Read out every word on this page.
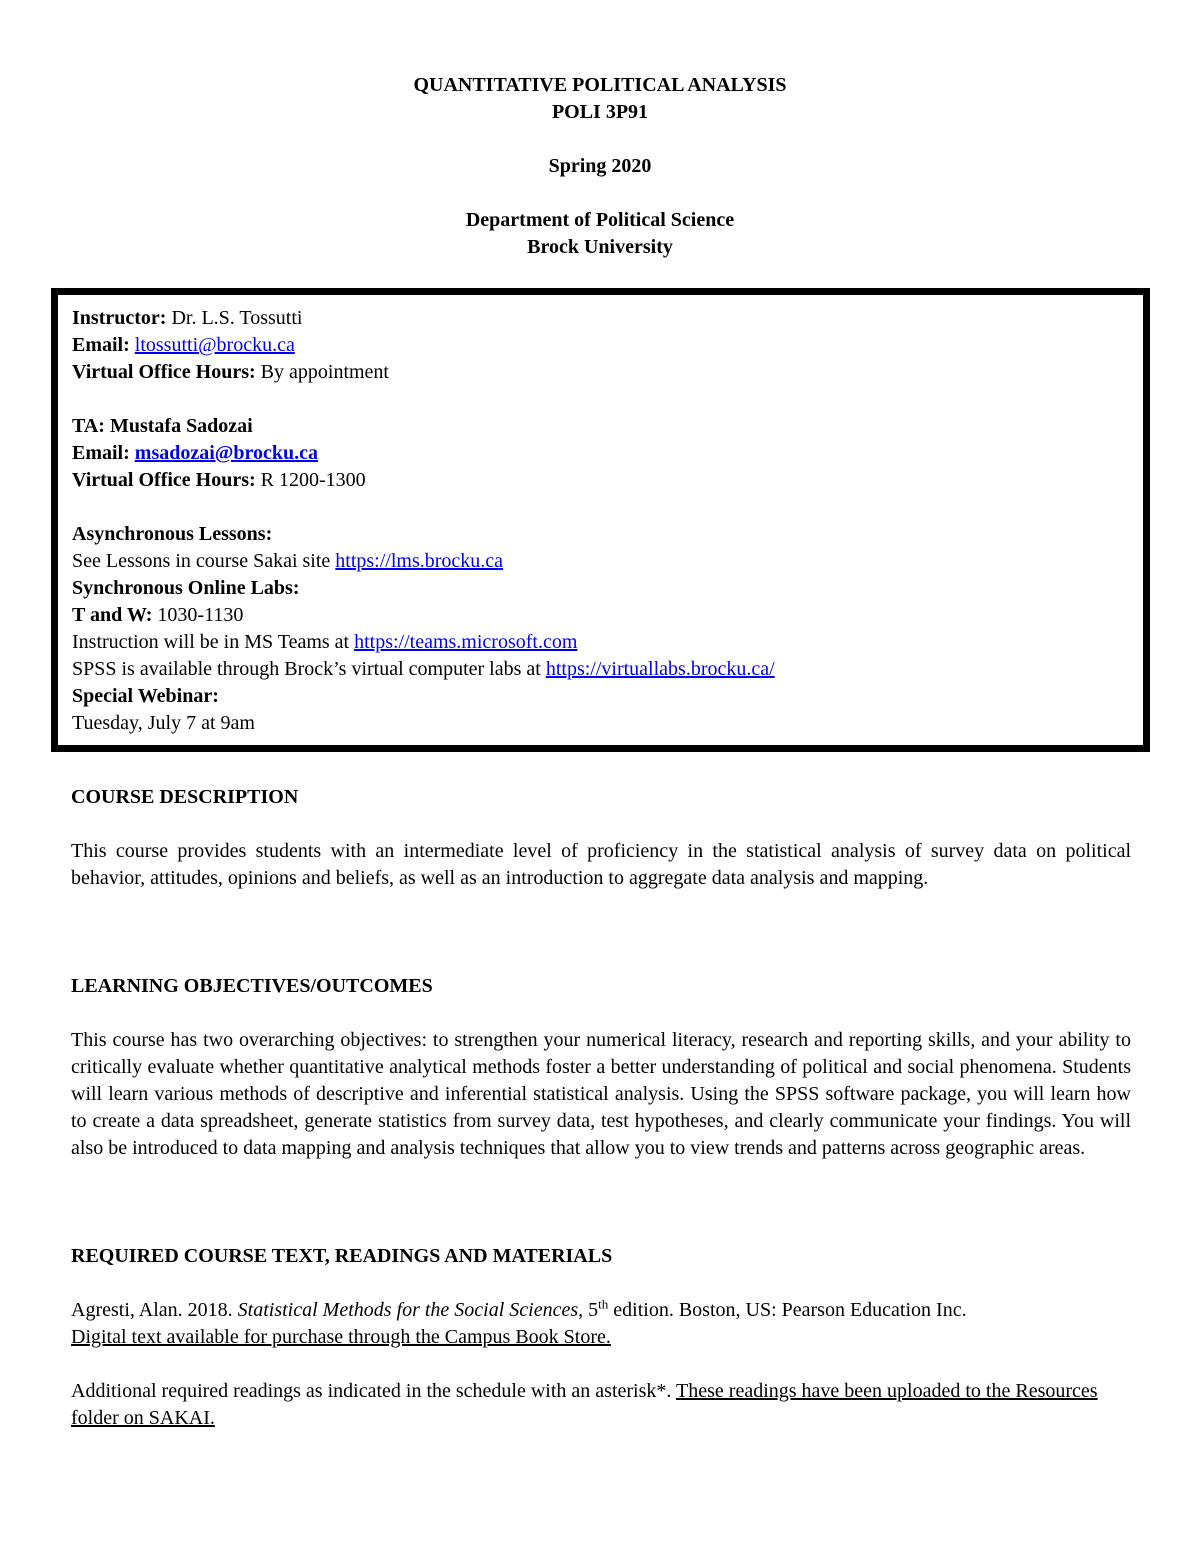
QUANTITATIVE POLITICAL ANALYSIS
POLI 3P91
Spring 2020
Department of Political Science
Brock University
Instructor: Dr. L.S. Tossutti
Email: ltossutti@brocku.ca
Virtual Office Hours: By appointment
TA: Mustafa Sadozai
Email: msadozai@brocku.ca
Virtual Office Hours: R 1200-1300
Asynchronous Lessons:
See Lessons in course Sakai site https://lms.brocku.ca
Synchronous Online Labs:
T and W: 1030-1130
Instruction will be in MS Teams at https://teams.microsoft.com
SPSS is available through Brock’s virtual computer labs at https://virtuallabs.brocku.ca/
Special Webinar:
Tuesday, July 7 at 9am
COURSE DESCRIPTION
This course provides students with an intermediate level of proficiency in the statistical analysis of survey data on political behavior, attitudes, opinions and beliefs, as well as an introduction to aggregate data analysis and mapping.
LEARNING OBJECTIVES/OUTCOMES
This course has two overarching objectives: to strengthen your numerical literacy, research and reporting skills, and your ability to critically evaluate whether quantitative analytical methods foster a better understanding of political and social phenomena. Students will learn various methods of descriptive and inferential statistical analysis. Using the SPSS software package, you will learn how to create a data spreadsheet, generate statistics from survey data, test hypotheses, and clearly communicate your findings. You will also be introduced to data mapping and analysis techniques that allow you to view trends and patterns across geographic areas.
REQUIRED COURSE TEXT, READINGS AND MATERIALS
Agresti, Alan. 2018. Statistical Methods for the Social Sciences, 5th edition. Boston, US: Pearson Education Inc.
Digital text available for purchase through the Campus Book Store.
Additional required readings as indicated in the schedule with an asterisk*. These readings have been uploaded to the Resources folder on SAKAI.
